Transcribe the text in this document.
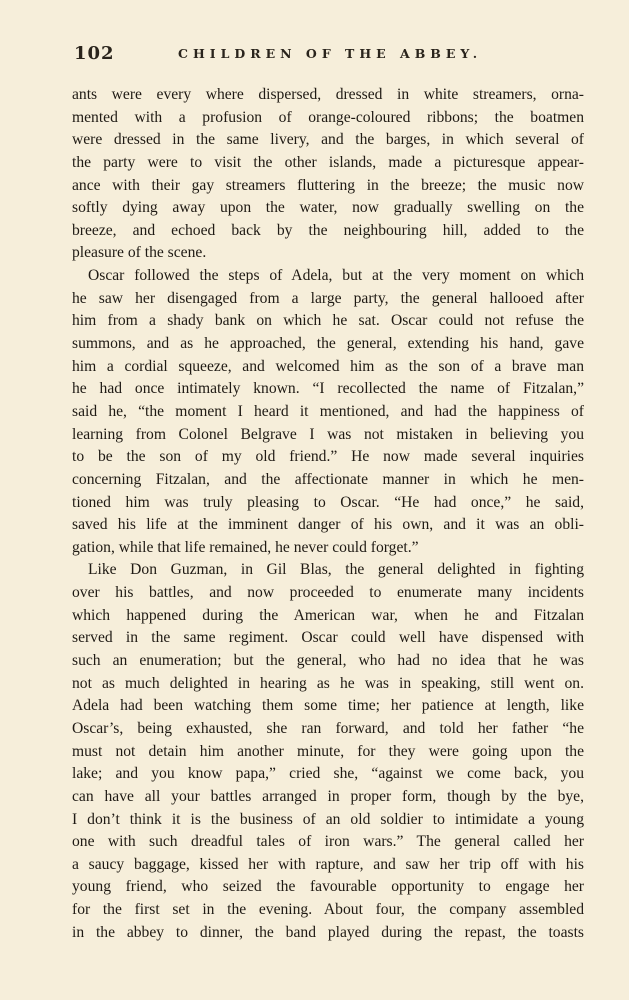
102	CHILDREN OF THE ABBEY.
ants were every where dispersed, dressed in white streamers, orna-
mented with a profusion of orange-coloured ribbons; the boatmen
were dressed in the same livery, and the barges, in which several of
the party were to visit the other islands, made a picturesque appear-
ance with their gay streamers fluttering in the breeze; the music now
softly dying away upon the water, now gradually swelling on the
breeze, and echoed back by the neighbouring hill, added to the
pleasure of the scene.
Oscar followed the steps of Adela, but at the very moment on which
he saw her disengaged from a large party, the general hallooed after
him from a shady bank on which he sat. Oscar could not refuse the
summons, and as he approached, the general, extending his hand, gave
him a cordial squeeze, and welcomed him as the son of a brave man
he had once intimately known. “I recollected the name of Fitzalan,”
said he, “the moment I heard it mentioned, and had the happiness of
learning from Colonel Belgrave I was not mistaken in believing you
to be the son of my old friend.” He now made several inquiries
concerning Fitzalan, and the affectionate manner in which he men-
tioned him was truly pleasing to Oscar. “He had once,” he said,
saved his life at the imminent danger of his own, and it was an obli-
gation, while that life remained, he never could forget.”
Like Don Guzman, in Gil Blas, the general delighted in fighting
over his battles, and now proceeded to enumerate many incidents
which happened during the American war, when he and Fitzalan
served in the same regiment. Oscar could well have dispensed with
such an enumeration; but the general, who had no idea that he was
not as much delighted in hearing as he was in speaking, still went on.
Adela had been watching them some time; her patience at length, like
Oscar’s, being exhausted, she ran forward, and told her father “he
must not detain him another minute, for they were going upon the
lake; and you know papa,” cried she, “against we come back, you
can have all your battles arranged in proper form, though by the bye,
I don’t think it is the business of an old soldier to intimidate a young
one with such dreadful tales of iron wars.” The general called her
a saucy baggage, kissed her with rapture, and saw her trip off with his
young friend, who seized the favourable opportunity to engage her
for the first set in the evening. About four, the company assembled
in the abbey to dinner, the band played during the repast, the toasts
